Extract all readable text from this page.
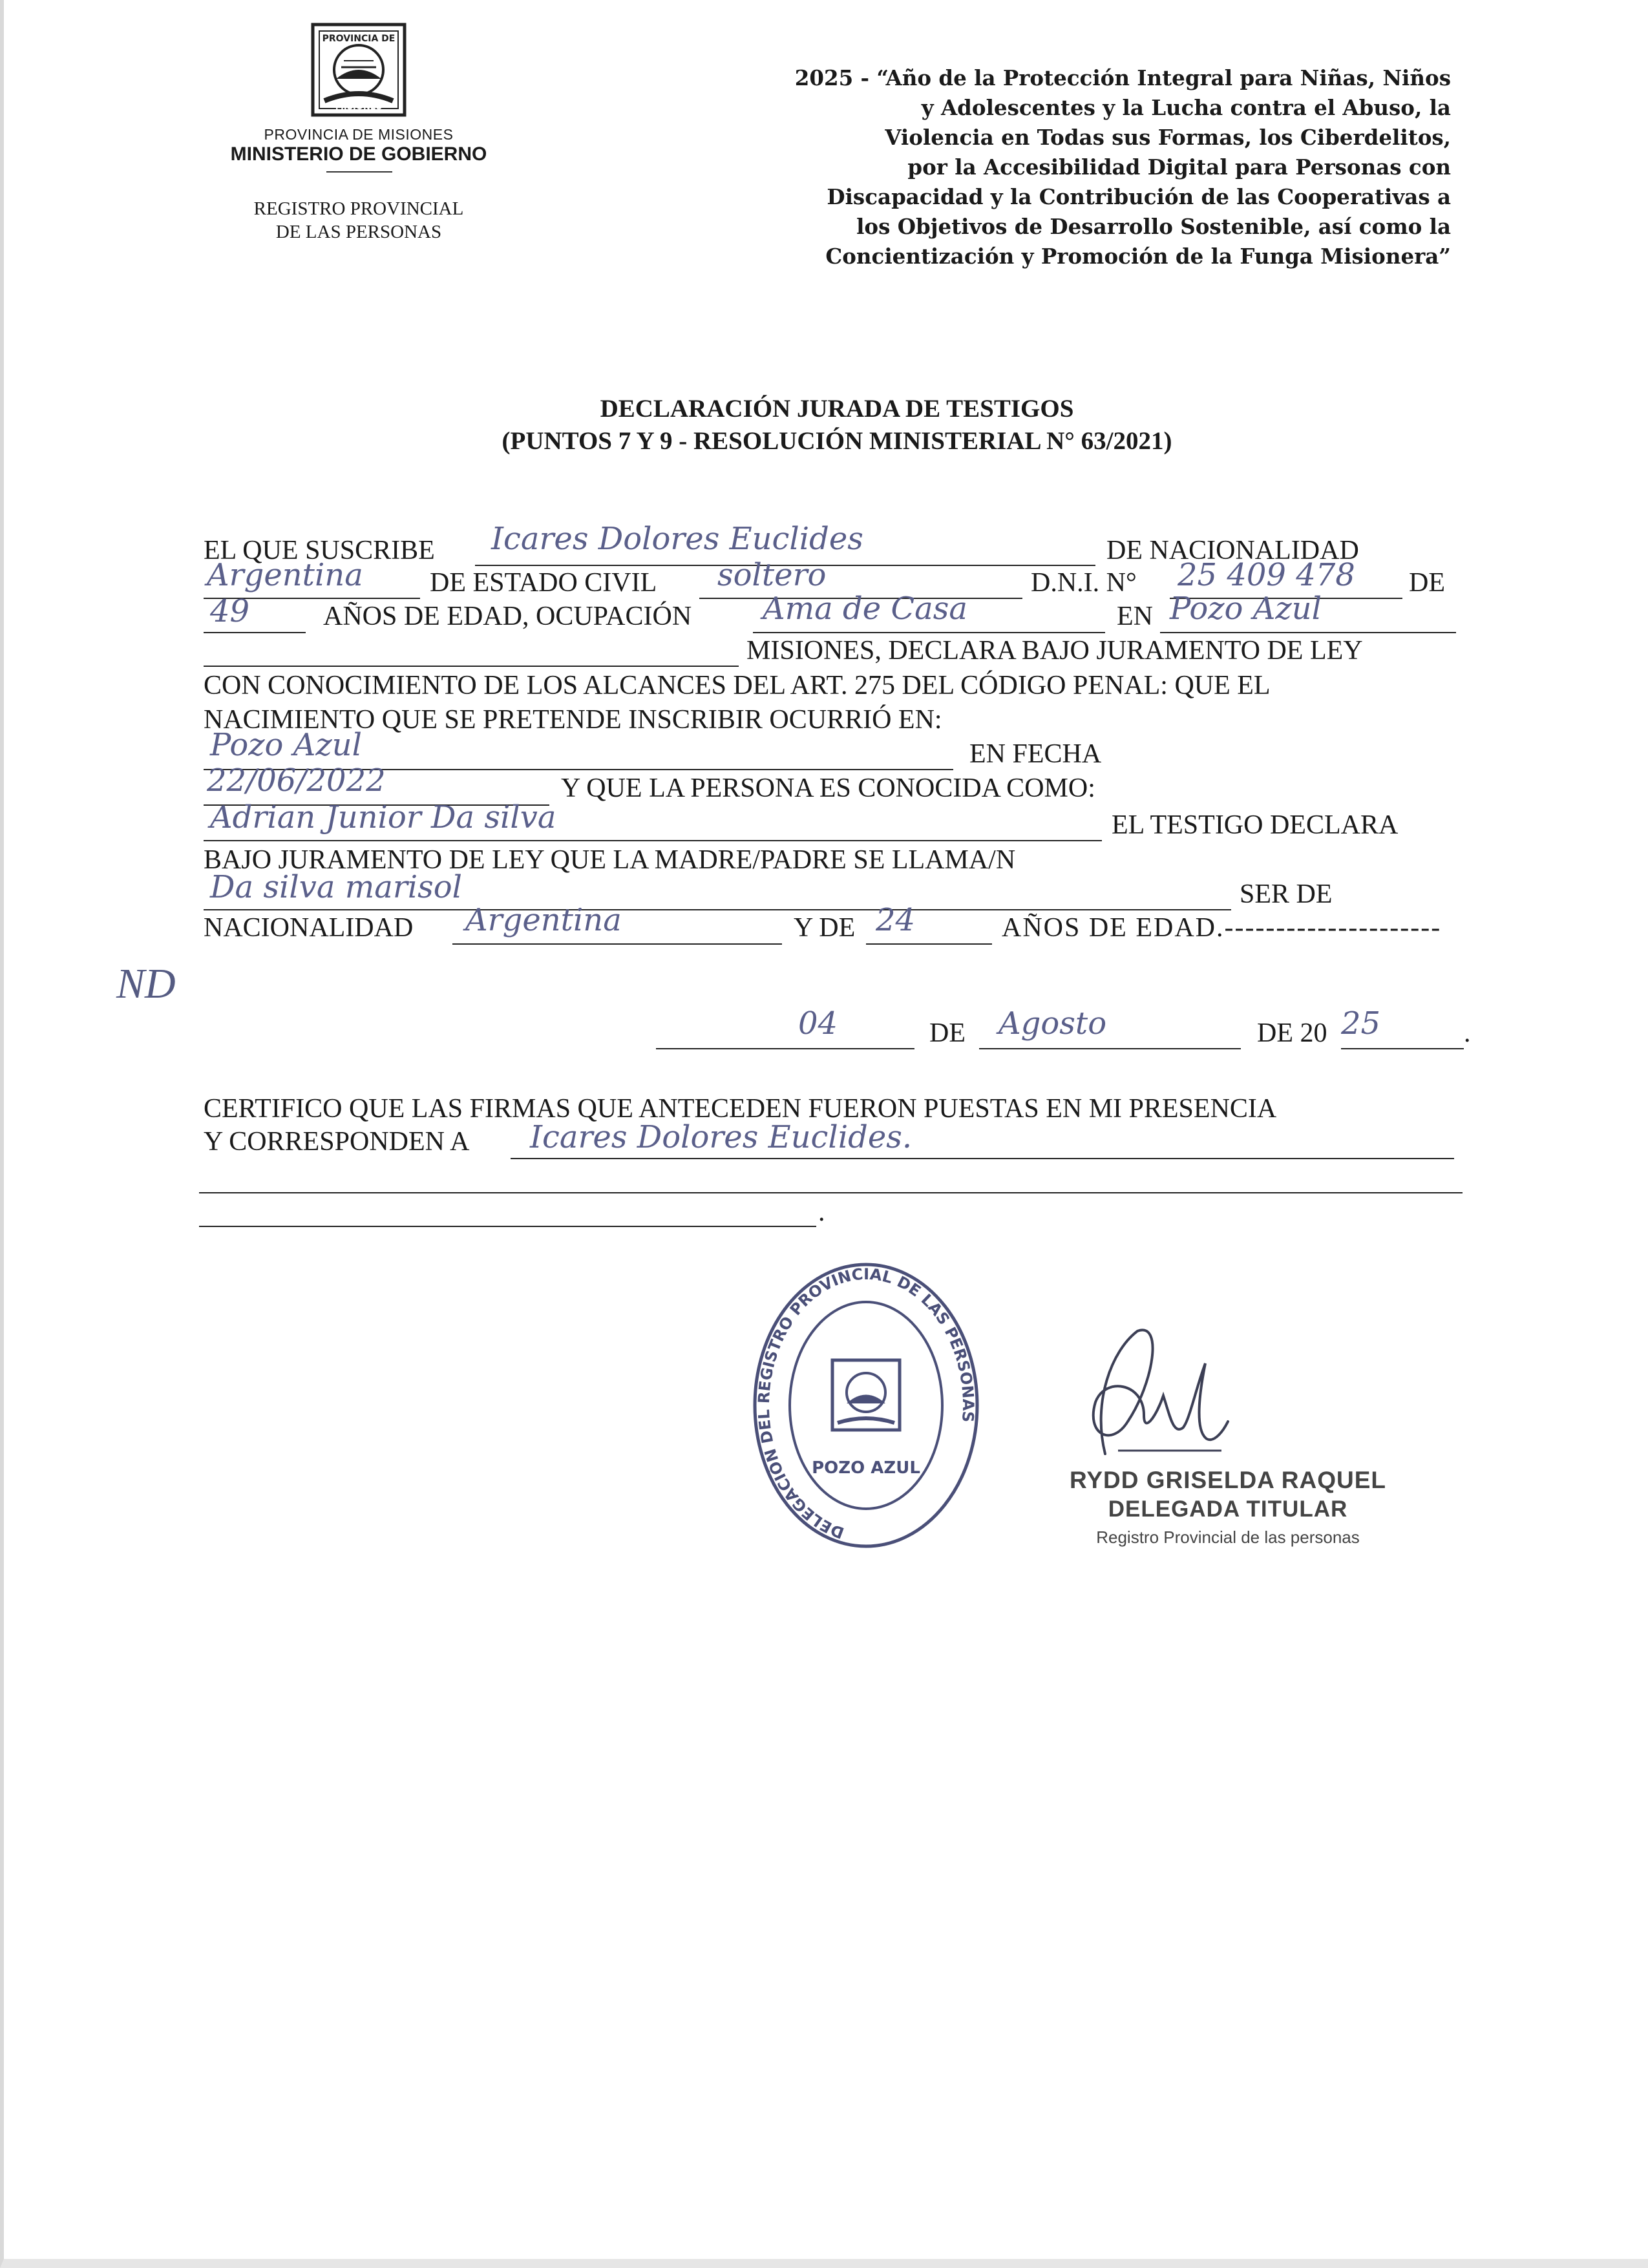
PROVINCIA DE
MISIONES
PROVINCIA DE MISIONES
MINISTERIO DE GOBIERNO
REGISTRO PROVINCIAL
DE LAS PERSONAS
2025 - “Año de la Protección Integral para Niñas, Niños
y Adolescentes y la Lucha contra el Abuso, la
Violencia en Todas sus Formas, los Ciberdelitos,
por la Accesibilidad Digital para Personas con
Discapacidad y la Contribución de las Cooperativas a
los Objetivos de Desarrollo Sostenible, así como la
Concientización y Promoción de la Funga Misionera”
DECLARACIÓN JURADA DE TESTIGOS
(PUNTOS 7 Y 9 - RESOLUCIÓN MINISTERIAL N° 63/2021)
EL QUE SUSCRIBE Icares Dolores Euclides	DE NACIONALIDAD
Argentina DE ESTADO CIVIL soltero	D.N.I. N° 25 409 478 DE
49	AÑOS DE EDAD, OCUPACIÓN Ama de Casa	EN Pozo Azul
MISIONES, DECLARA BAJO JURAMENTO DE LEY
CON CONOCIMIENTO DE LOS ALCANCES DEL ART. 275 DEL CÓDIGO PENAL: QUE EL
NACIMIENTO QUE SE PRETENDE INSCRIBIR OCURRIÓ EN:
Pozo Azul	EN FECHA
22/06/2022	Y QUE LA PERSONA ES CONOCIDA COMO:
Adrian Junior Da silva	EL TESTIGO DECLARA
BAJO JURAMENTO DE LEY QUE LA MADRE/PADRE SE LLAMA/N
Da silva marisol	SER DE
NACIONALIDAD Argentina	Y DE 24	AÑOS DE EDAD.---------------------
ND
04	DE Agosto	DE 20 25	.
CERTIFICO QUE LAS FIRMAS QUE ANTECEDEN FUERON PUESTAS EN MI PRESENCIA
Y CORRESPONDEN A Icares Dolores Euclides.
.
DELEGACIÓN DEL REGISTRO PROVINCIAL DE LAS PERSONAS
POZO AZUL	RYDD GRISELDA RAQUEL
DELEGADA TITULAR
Registro Provincial de las personas
